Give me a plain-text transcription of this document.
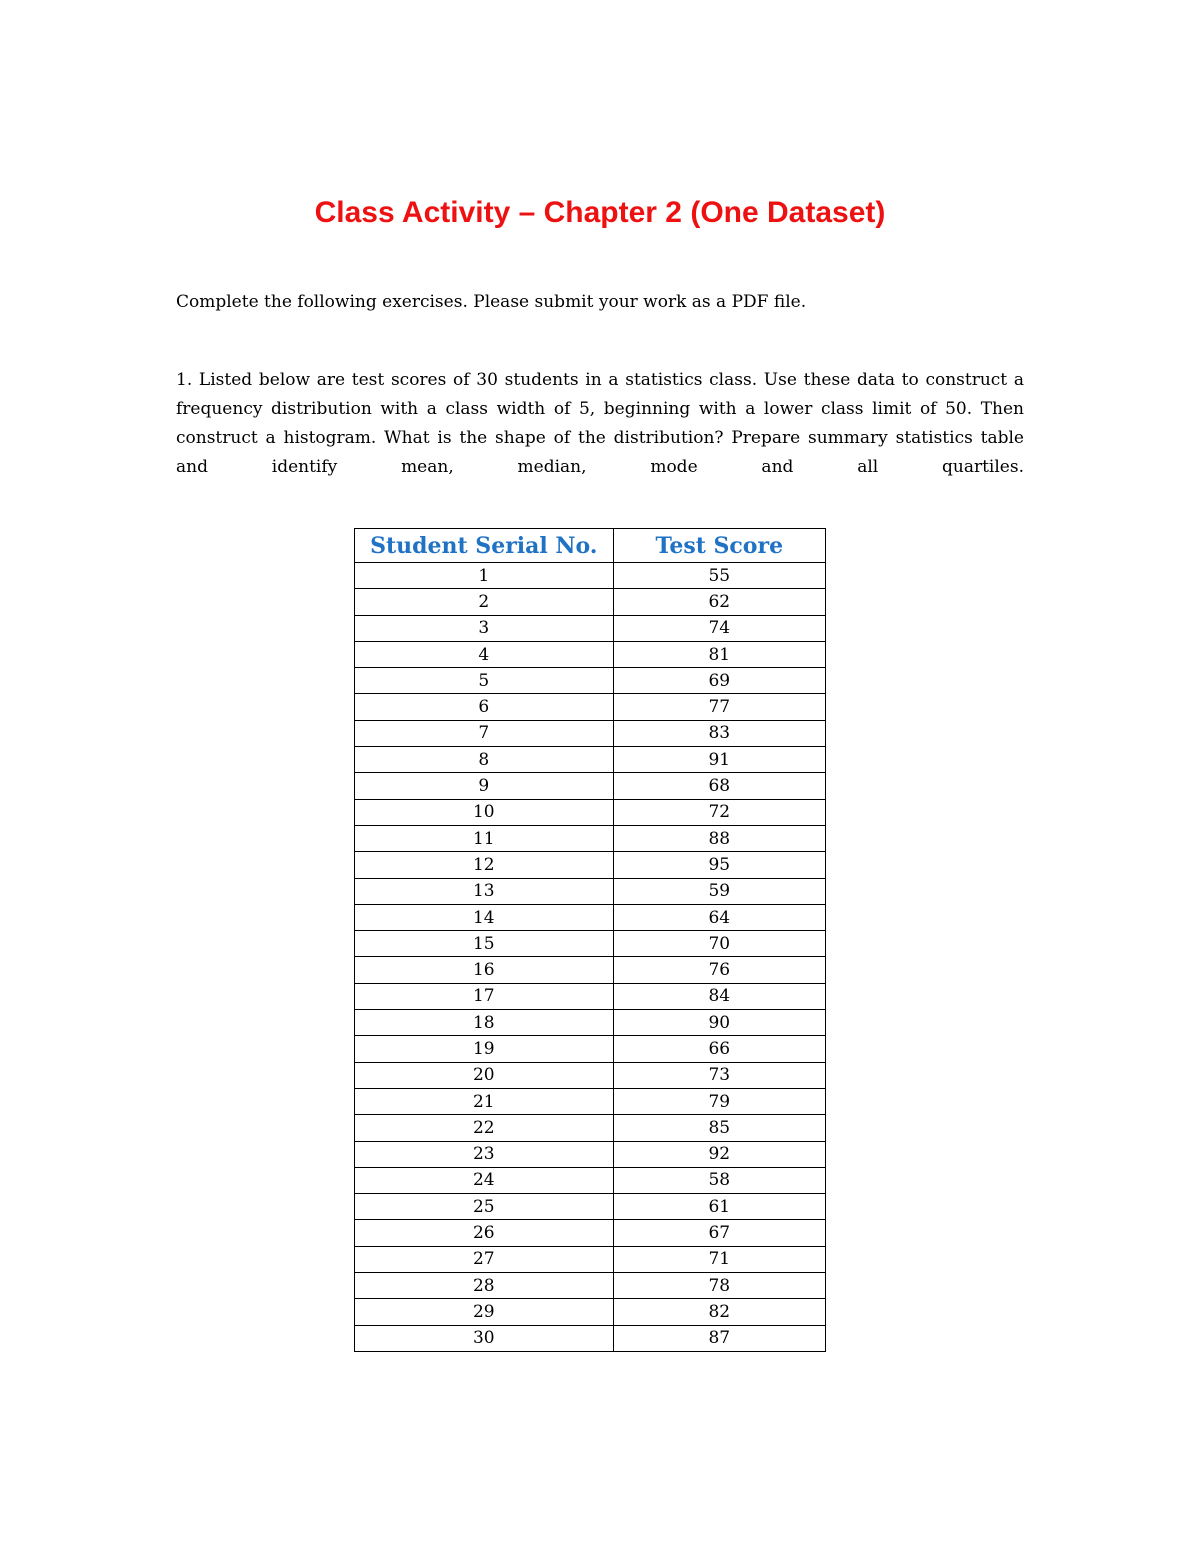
Class Activity – Chapter 2 (One Dataset)

Complete the following exercises. Please submit your work as a PDF file.

1. Listed below are test scores of 30 students in a statistics class. Use these data to construct a frequency distribution with a class width of 5, beginning with a lower class limit of 50. Then construct a histogram. What is the shape of the distribution? Prepare summary statistics table and identify mean, median, mode and all quartiles.

Student Serial No.	Test Score
1	55
2	62
3	74
4	81
5	69
6	77
7	83
8	91
9	68
10	72
11	88
12	95
13	59
14	64
15	70
16	76
17	84
18	90
19	66
20	73
21	79
22	85
23	92
24	58
25	61
26	67
27	71
28	78
29	82
30	87
